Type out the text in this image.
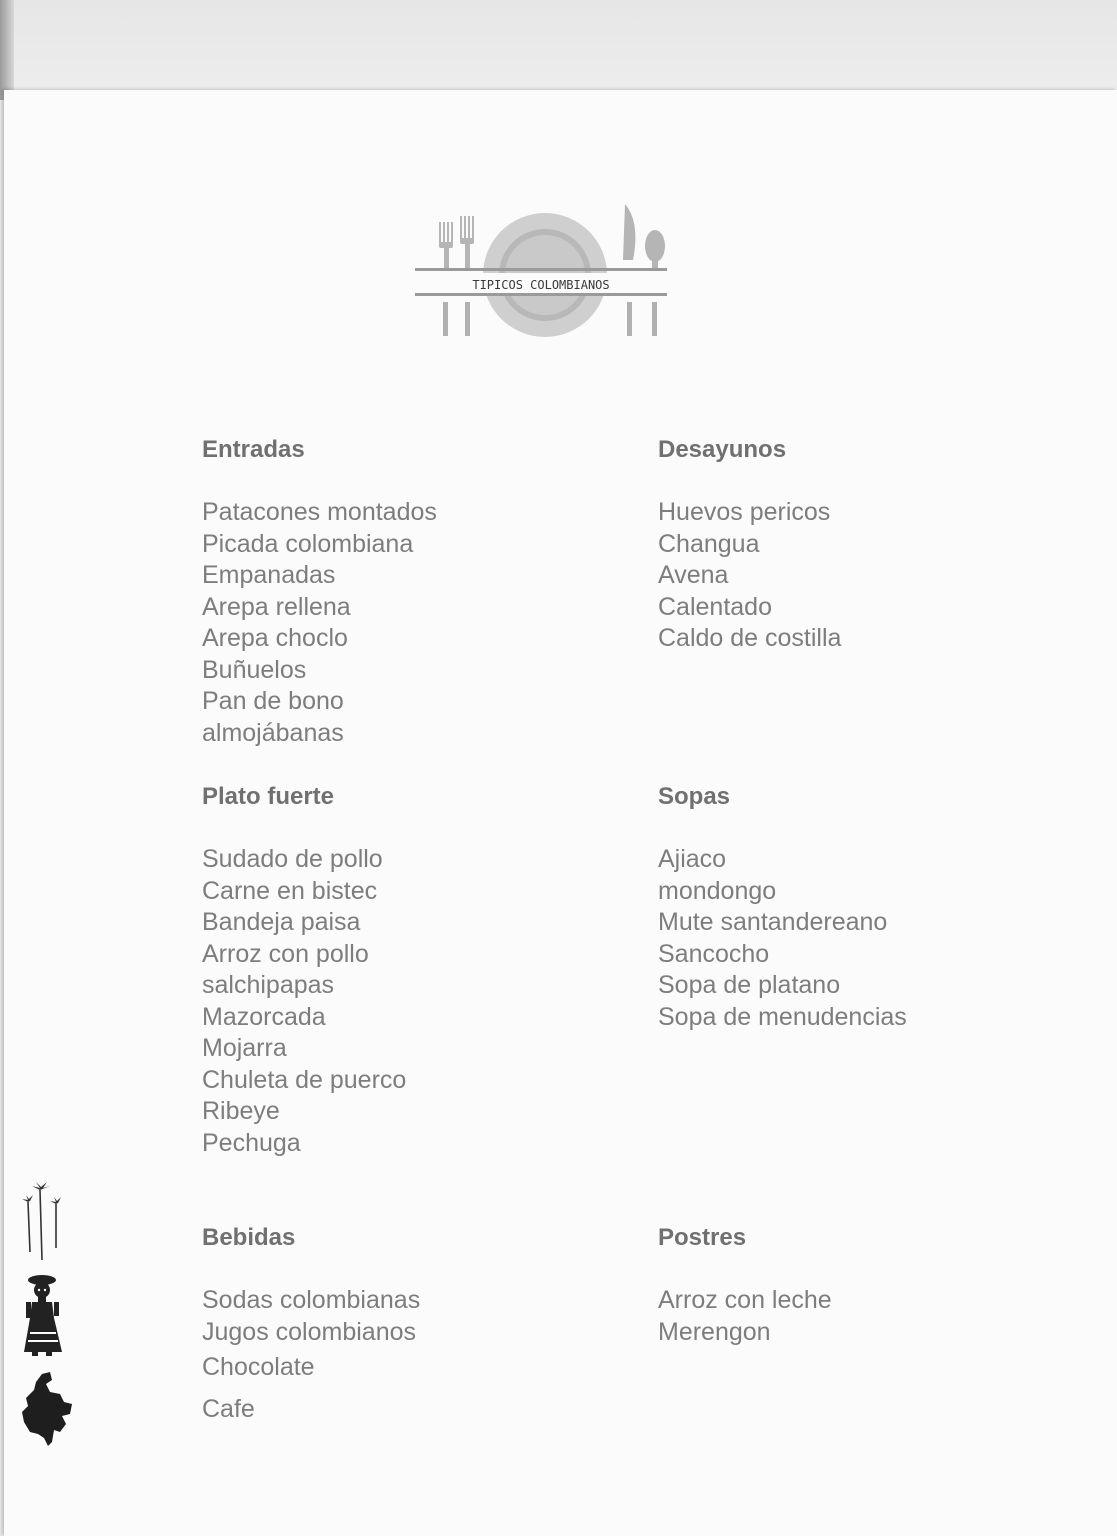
TIPICOS COLOMBIANOS
Entradas
Patacones montados
Picada colombiana
Empanadas
Arepa rellena
Arepa choclo
Buñuelos
Pan de bono
almojábanas
Desayunos
Huevos pericos
Changua
Avena
Calentado
Caldo de costilla
Plato fuerte
Sudado de pollo
Carne en bistec
Bandeja paisa
Arroz con pollo
salchipapas
Mazorcada
Mojarra
Chuleta de puerco
Ribeye
Pechuga
Sopas
Ajiaco
mondongo
Mute santandereano
Sancocho
Sopa de platano
Sopa de menudencias
Bebidas
Sodas colombianas
Jugos colombianos
Chocolate
Cafe
Postres
Arroz con leche
Merengon
